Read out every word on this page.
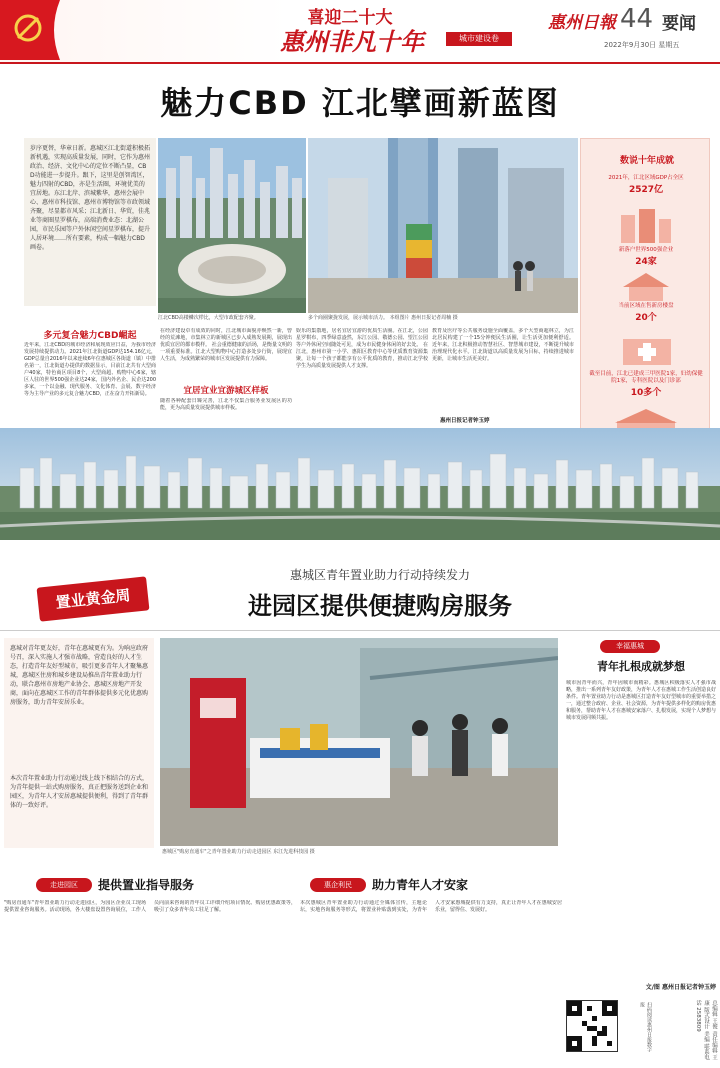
喜迎二十大
惠州非凡十年	城市建设卷
惠州日報 44 要闻
2022年9月30日 星期五
魅力CBD 江北擘画新蓝图
岁序更替，华章日新。惠城区江北街道积极拓新机遇，实现高质量发展，同时，它作为惠州政治、经济、文化中心的定位不断凸显，CBD功能进一步提升。跟下，这里是创智湾区，魅力四射的CBD，亦是生活圈，环境优美的宜居地。东江北岸、滨城紫华，惠州会展中心、惠州市科技馆、惠州市博物馆等市政领域齐聚，尽显都市风采；江北新日、华贸，佳兆业等商圈星罗棋布，高端消费业态：北湖公园，市民乐园等户外休闲空间星罗棋布，提升人居环境……所有要素，构成一幅魅力CBD画卷。
江北CBD高楼鳞次栉比，大型市政配套齐聚。	多个商圈聚拢发展，展示城市活力。 本组图片 惠州日报记者周楠 摄
数说十年成就
2021年，江北区域GDP占全区
2527亿
新落户世界500强企业
24家
当前区域在售新房楼盘
20个
截至目前，江北已建成三甲医院1家，妇幼保健院1家，专科医院以及门诊部
10多个
多元复合魅力CBD崛起
近年来，江北CBD的城市经济和展现效应日益，为我市经济发展持续提供动力。2021年江北街道GDP达154.16亿元，GDP总量自2016年以来连续6年位惠城区各街道（镇）中排名第一，江北街道办提供的数据显示，目前江北共有大型商户40家，特色商区项目8个，大型商超、购物中心6家，辖区人驻的世界500强企业达24家，国内外名企、民企达200多家，一个以金融、现代服务、文化体育、会展、数字经济等为主导产业的多元复合魅力CBD，正在奋力开拓新局。
在经济建设卓有成效的同时，江北城市面貌亦焕然一新，曾经的荒滩地，市集林立的新城区已步入成熟发展期，展现出优质宜居的都市模样。 社会重德健康的活场，是衡量文明的一项重要标准。江北大型购物中心打造多处步行街，展现宜人生活，为成熟繁荣的城市区发展提供有力保障。
宜居宜业宜游城区样板
随着各种配套日臻完善，江北不仅集合服务业发展区的功能，更为高质量发展提供城市样板。
娱乐的集散地，居名宜居宜游的优质生活圈。在江北，公园星罗棋布，四季绿意盎然，东江公园、敬德公园、望江公园等户外休闲空间随处可见，成为市民健身休闲的好去处。 在江北，惠州市第一小学、惠阳区教育中心等优质教育资源集聚，让每一个孩子都能享有公平优质的教育，推动江北学校学生为高质量发展提供人才支撑。
教育及医疗等公共服务设施全面覆盖，多个大型商超林立，为江北居民构建了一个15分钟便民生活圈，让生活更加便利舒适。 近年来，江北积极推动智慧社区、智慧城市建设，不断提升城市治理现代化水平。江北街道以高质量发展为目标，持续推进城市更新，让城市生活更美好。
惠州日报记者钟玉婷
置业黄金周
惠城区青年置业助力行动持续发力
进园区提供便捷购房服务
惠城对青年更友好，青年在惠城更有为。为响应政府号召，深入实施人才强市战略，营造良好的人才生态，打造青年友好型城市，吸引更多青年人才聚集惠城，惠城区住房和城乡建设局推出青年置业助力行动，联合惠州市房地产业协会、惠城区房地产开发商，面向在惠城区工作的青年群体提供多元化优惠购房服务，助力青年安居乐业。
本次青年置业助力行动通过线上线下相结合的方式，为青年提供一站式购房服务，真正把服务送到企业和园区，为青年人才安居惠城提供便利，得到了青年群体的一致好评。
惠城区"购房直通车"之青年置业助力行动走进园区 东江先进科技园 摄
幸福惠城
青年扎根成就梦想
城市因青年而兴，青年因城市而精彩。惠城区积极落实人才强市战略，推出一系列青年友好政策，为青年人才在惠城工作生活创造良好条件。青年置业助力行动是惠城区打造青年友好型城市的重要举措之一，通过整合政府、企业、社会资源，为青年提供多样化的购房优惠和服务，帮助青年人才在惠城安家落户、扎根发展，实现个人梦想与城市发展同频共振。
文/图 惠州日报记者钟玉婷
走进园区	提供置业指导服务
"购房直通车"青年置业助力行动走进园区，为园区企业员工现场提供置业咨询服务。活动现场，各大楼盘设置咨询展位，工作人员向前来咨询的青年员工详细介绍项目情况、购房优惠政策等，吸引了众多青年员工驻足了解。
惠企利民	助力青年人才安家
本次惠城区青年置业助力行动通过全媒体宣传，主题论坛，实地咨询服务等形式，将置业补贴落到实处，为青年人才安家惠城提供有力支持，真正让青年人才在惠城安居乐业，留得住、发展好。
扫码阅读惠州日报数字报	总编辑 王俊 责任编辑 王康 版式设计 美编 联系电话 2583809
